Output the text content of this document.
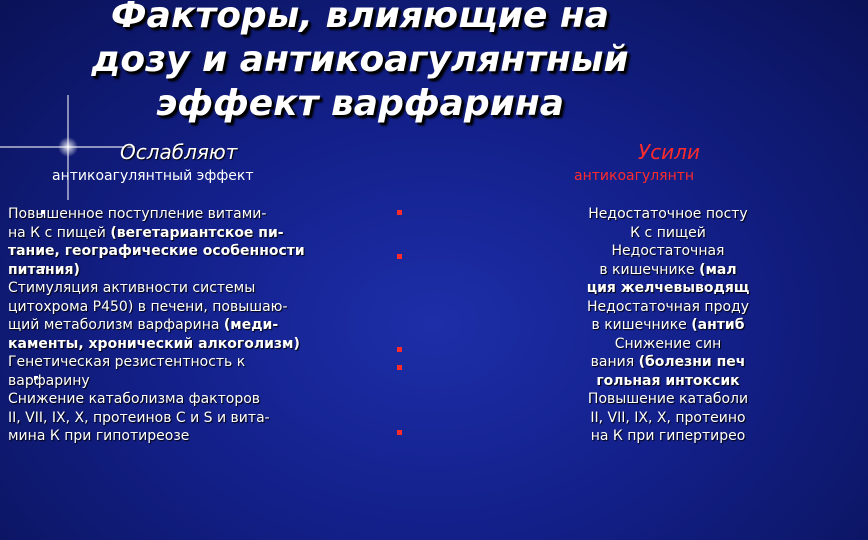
Факторы, влияющие на
дозу и антикоагулянтный
эффект варфарина
Ослабляют
антикоагулянтный эффект
Усили
антикоагулянтн
Повышенное поступление витами-
на К с пищей (вегетариантское пи-
тание, географические особенности
питания)
Стимуляция активности системы
цитохрома Р450) в печени, повышаю-
щий метаболизм варфарина (меди-
каменты, хронический алкоголизм)
Генетическая резистентность к
варфарину
Снижение катаболизма факторов
II, VII, IX, X, протеинов С и S и вита-
мина К при гипотиреозе
Недостаточное посту
К с пищей
Недостаточная
в кишечнике (мал
ция желчевыводящ
Недостаточная проду
в кишечнике (антиб
Снижение син
вания (болезни печ
гольная интоксик
Повышение катаболи
II, VII, IX, X, протеино
на К при гипертирео
